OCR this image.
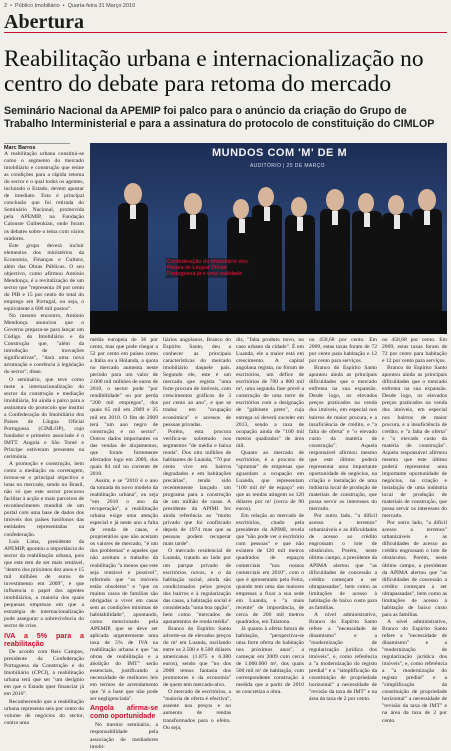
2 • Público Imobiliário • Quarta-feira 31 Março 2010
Abertura
Reabilitação urbana e internacionalização no centro do debate para retoma do mercado
Seminário Nacional da APEMIP foi palco para o anúncio da criação do Grupo de Trabalho Interministerial e para a assinatura do protocolo de constituição do CIMLOP
Marc Barros

A reabilitação urbana constitui-se como o segmento do mercado imobiliário e construção que reúne as condições para a rápida retoma do sector e o qual todos os agentes, incluindo o Estado, devem apostar de imediato. Esta é principal conclusão que foi retirada do Seminário Nacional, promovida pela APEMIP, na Fundação Calouste Gulbenkian, onde foram os debates sobre o tema com vários oradores.

Este grupo deverá incluir elementos dos ministérios da Economia, Finanças e Cultura, além das Obras Públicas. O seu objectivo, como afirmou António Mendonça, é a revitalização de um sector que "representa 18 por cento do PIB e 15 por cento do total do emprego em Portugal, ou seja, o equivalente a 600 mil postos".

No mesmo encontro, António Mendonça anunciou que o Governo prepara-se para lançar um Código do Imobiliário e da Construção que, "além da introdução de inovações significativas", "dará uma nova arrumação e coerência à legislação do sector", disse.

O seminário, que teve como mote a internacionalização do sector da construção e mediação imobiliária, foi ainda o palco para a assinatura do protocolo que institui a Confederação do Imobiliário dos Países de Língua Oficial Portuguesa (CIMLOP), cujo fundador e primeiro associado é o IMTT. Angola e São Tomé e Príncipe estiveram presentes na cerimónia.

A promoção e construção, bem como a mediação ou corretagem, tornou-se o principal objectivo e lutas no mercado, sendo no Brasil, não só que este sector procurou facilitar à acção e mais parceiros de reconhecimento mundial de um portal com uma base de dados dos imóveis dos países lusófonos das entidades representadas na confederação.

Luís Lima, presidente da APEMIP, apontou a importância do sector da reabilitação urbana, pois que este tem de ser mais rentável, "dentro dos próximos dez anos e 15 mil milhões de euros de investimento em 2009", e que influencia o papel dos agentes imobiliários, a maioria dos quais pequenas empresas em que a estratégia de internacionalização pode assegurar a sobrevivência do sector de crise.

IVA a 5% para a reabilitação

De acordo com Reis Campos, presidente da Confederação Portuguesa da Construção e do Imobiliário (CPCI), a reabilitação urbana terá que ser "um desígnio em que o Estado quer financiar já em 2010".

Reconhecendo que a reabilitação urbana representa seis por cento do volume de negócios do sector, contra uma

MUNDOS COM 'M' DE M
AUDITÓRIO | 25 DE MARÇO
Confederação do Imobiliário dos Países de Língua Oficial Portuguesa já é uma realidade

média europeia de 36 por cento, mas que pode chegar a 52 por cento em países como a Itália ou a Holanda, a quota no mercado aumenta neste período para um valor de 2.000 mil milhões de euros de 2010, o sector pode "por rendibilidade" ou por perda "200 mil empregos", dos quais 65 mil em 2009 e 35 mil em 2010. O fim de 2009 terá "um ano negro de construção e no sector". Outros dados importantes os das vendas de alojamentos, que foram fortemente afectados logo em 2009, dos quais 84 mil no corrente de 2010.

Assim, e se "2010 é o ano da tomada do novo modelo da reabilitação urbana", ou seja "em 2010 o ano da recuperação", a reabilitação urbana exige uma atenção especial e já neste ano a falta de venda de casas, e proprietários que não aceitam os valores de mercado, "é um dos problemas" e aqueles que não aceitam o trabalho da reabilitação "a menos que este seja rentável e possível", referindo que "os imóveis estão obsoletos" e "que os muitos casos de famílias são obrigadas a viver em casas sem as condições mínimas de habitabilidade", apontando, como mencionado pela APEMIP, que se deve ser aplicada urgentemente uma taxa de 5% de IVA na reabilitação urbana e que "as obras de reabilitação e a abolição do IMT" serão essenciais, justificando a necessidade de melhores leis em termos de arrendamento que "é a base que não pode ser negligenciada".

Angola afirma-se como oportunidade

No mesmo seminário, a responsabilidade pela associação de mediadores imobi-

liários angolanos, Branco do Espírito Santo, deu a conhecer as principais características do mercado imobiliário daquele país. Segundo ele, este é um mercado que regista "uma forte procura de imóveis, com crescimentos gráficos de 3 por cento ao ano", e que se traduz em "ocupação económica" e acessos de pessoas privadas.

Porém, esta procura verifica-se sobretudo nos segmentos "de média e baixa renda". Dos oito milhões de habitantes de Luanda, "70 por cento vive em bairros degradados e em habitações precárias", tendo sido recentemente lançado um programa para a construção de um milhão de casas. A presidente da APIMI fez ainda referência ao "muito privado que foi confiscado depois de 1974 mas que as pessoas podem recuperar mais tarde".

O mercado residencial de Luanda, tratado ao lado por um parque privado de escritórios novos, e o da habitação social, ainda são condicionados pelos preços dos bairros e à regularização das casas, a habitação social é considerada "uma boa opção", bem como "mercados de aparamentos de renda média".

Branco do Espírito Santo adverte-se de elevados preços do m² em Luanda, oscilando entre os 2.500 e 8.500 dólares americanos (1.875 e 6.380 euros), sendo que "no dos 2008 temos fantasia dos promotores e da economia" de quem tem mercado-alvo.

O mercado de escritórios, a "maioria de oferta é efectiva", assente nos preços e no aumento de rendas transformados para o efeito. Ou seja,

diz, "falta produto novo, no caso urbano da cidade". É em Luanda, ele a maior está em crescimento. A capital angolana regista, no fórum de escritórios, um défice de escritórios de 700 a 800 mil m², uma segunda fase prevê a construção de uma torre de escritórios com a designação de "gabinete preto", cuja entrega só deverá suceder em 2013, sendo a taxa de ocupação ainda de "100 mil metros quadrados" de área útil.

Quanto ao mercado de escritórios, é a procura de "aprumar" de empresas que aguardam a ocupação em Luanda, que representam "100 mil m² de espaço" em que as rendas atingem os 120 dólares por m² (cerca de 90 euros).

Em relação ao mercado de escritórios, citado pela presidente da APIMI, revela que "não pode ver o escritório com pessoas" e que não existem de 120 mil metros quadrados de espaços comerciais "nos nossos comerciais em 2010", com o que é apresentado pela Feira, quando tem uma das maiores empresas a fixar a sua sede em Luanda, e "a mais recente" de importância, de cerca de 200 mil metros quadrados, em Talatona.

Já quanto à oferta futura de habitação, "perspectiva-se uma forte oferta de habitação nos próximos anos", a começar em 2009 com cerca de 1.000.000 m², dos quais 500 mil m² de habitação, com correspondente construção à medida que a partir de 2010 se concretiza a obra.

ou 458,68 por cento. Em 2009, estas taxas foram de 72 por cento para habitação e 12 por cento para serviços.

Branco do Espírito Santo apontou ainda as principais dificuldades que o mercado enfrenta na sua expansão. Desde logo, os elevados preços praticados na venda dos imóveis, em especial nos bairros de maior procura, e a insuficiência de crédito, e "a falta de oferta" e "o elevado custo da matéria de construção". Aquela responsável afirmou mesmo que este último poderá representar uma importante oportunidade de negócios, na criação e instalação de uma indústria local de produção de materiais de construção, que possa servir os interesses do mercado.

Por outro lado, "a difícil acesso a terrenos" urbanizáveis e as dificuldades de acesso ao crédito engrossam o lote de obstáculos. Porém, neste último campo, a presidente da APIMA alertou que "as dificuldades de concessão a crédito começam a ser ultrapassadas", bem como as limitações de acesso à habitação de baixo custo para as famílias.

A nível administrativo, Branco do Espírito Santo refere a "necessidade de dinamismo" e a "modernização de regularização jurídica dos imóveis", e, como referência a "a modernização do registo predial" e a "simplificação da constituição de propriedade horizontal" a necessidade de "revisão da taxa de IMT" e na área da taxa de 2 por cento.

ou 458,68 por cento. Em 2009, estas taxas foram de 72 por cento para habitação e 12 por cento para serviços.

Branco do Espírito Santo apontou ainda as principais dificuldades que o mercado enfrenta na sua expansão. Desde logo, os elevados preços praticados na venda dos imóveis, em especial nos bairros de maior procura, e a insuficiência de crédito, e "a falta de oferta" e "o elevado custo da matéria de construção". Aquela responsável afirmou mesmo que este último poderá representar uma importante oportunidade de negócios, na criação e instalação de uma indústria local de produção de materiais de construção, que possa servir os interesses do mercado.

Por outro lado, "a difícil acesso a terrenos" urbanizáveis e as dificuldades de acesso ao crédito engrossam o lote de obstáculos. Porém, neste último campo, a presidente da APIMA alertou que "as dificuldades de concessão a crédito começam a ser ultrapassadas", bem como as limitações de acesso à habitação de baixo custo para as famílias.

A nível administrativo, Branco do Espírito Santo refere a "necessidade de dinamismo" e a "modernização de regularização jurídica dos imóveis", e, como referência a "a modernização do registo predial" e a "simplificação da constituição de propriedade horizontal" a necessidade de "revisão da taxa de IMT" e na área da taxa de 2 por cento.
